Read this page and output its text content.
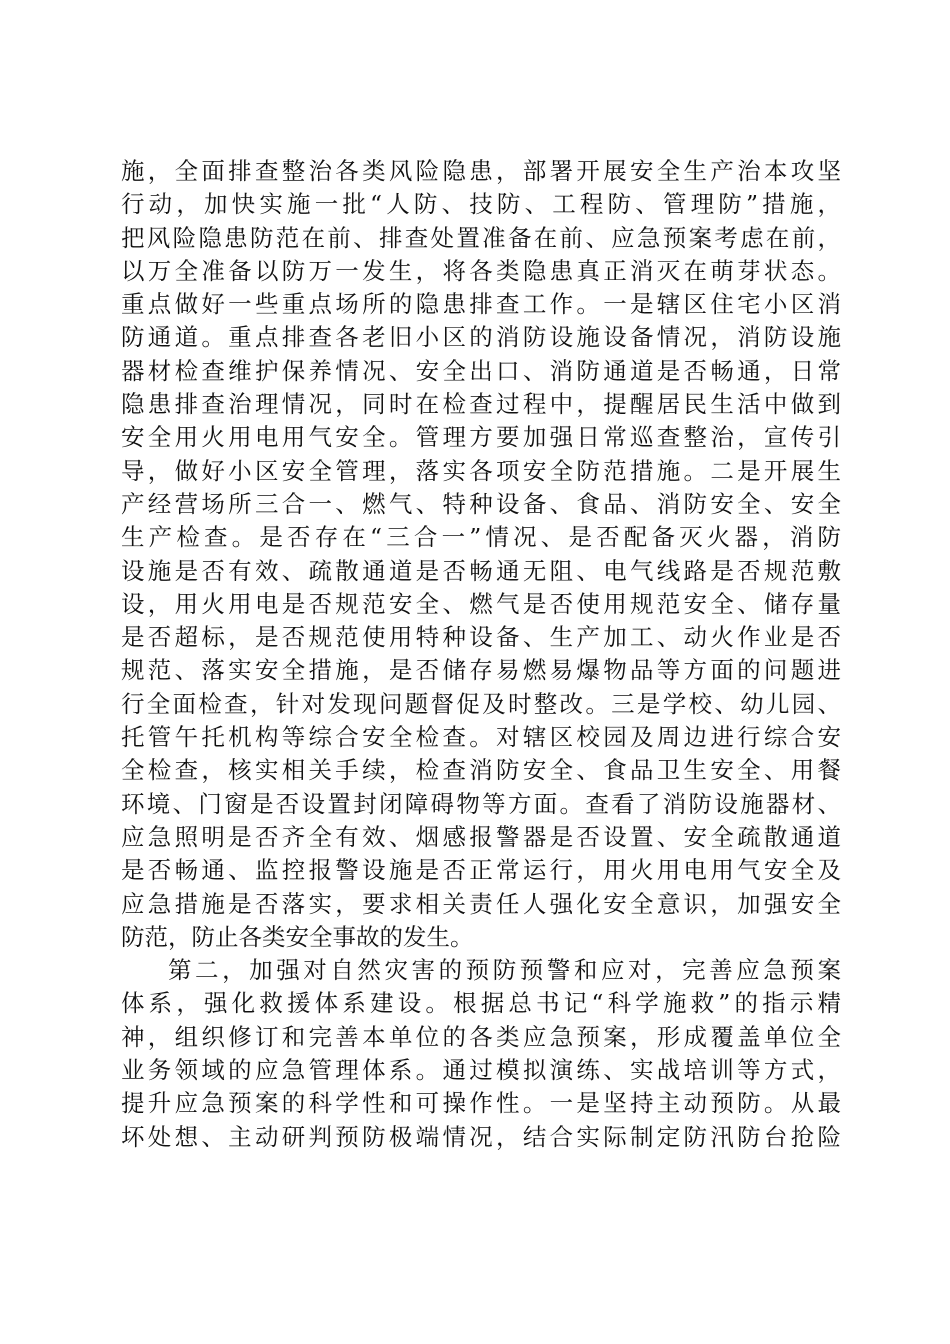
施，全面排查整治各类风险隐患，部署开展安全生产治本攻坚
行动，加快实施一批“人防、技防、工程防、管理防”措施，
把风险隐患防范在前、排查处置准备在前、应急预案考虑在前，
以万全准备以防万一发生，将各类隐患真正消灭在萌芽状态。
重点做好一些重点场所的隐患排查工作。一是辖区住宅小区消
防通道。重点排查各老旧小区的消防设施设备情况，消防设施
器材检查维护保养情况、安全出口、消防通道是否畅通，日常
隐患排查治理情况，同时在检查过程中，提醒居民生活中做到
安全用火用电用气安全。管理方要加强日常巡查整治，宣传引
导，做好小区安全管理，落实各项安全防范措施。二是开展生
产经营场所三合一、燃气、特种设备、食品、消防安全、安全
生产检查。是否存在“三合一”情况、是否配备灭火器，消防
设施是否有效、疏散通道是否畅通无阻、电气线路是否规范敷
设，用火用电是否规范安全、燃气是否使用规范安全、储存量
是否超标，是否规范使用特种设备、生产加工、动火作业是否
规范、落实安全措施，是否储存易燃易爆物品等方面的问题进
行全面检查，针对发现问题督促及时整改。三是学校、幼儿园、
托管午托机构等综合安全检查。对辖区校园及周边进行综合安
全检查，核实相关手续，检查消防安全、食品卫生安全、用餐
环境、门窗是否设置封闭障碍物等方面。查看了消防设施器材、
应急照明是否齐全有效、烟感报警器是否设置、安全疏散通道
是否畅通、监控报警设施是否正常运行，用火用电用气安全及
应急措施是否落实，要求相关责任人强化安全意识，加强安全
防范，防止各类安全事故的发生。
第二，加强对自然灾害的预防预警和应对，完善应急预案
体系，强化救援体系建设。根据总书记“科学施救”的指示精
神，组织修订和完善本单位的各类应急预案，形成覆盖单位全
业务领域的应急管理体系。通过模拟演练、实战培训等方式，
提升应急预案的科学性和可操作性。一是坚持主动预防。从最
坏处想、主动研判预防极端情况，结合实际制定防汛防台抢险
